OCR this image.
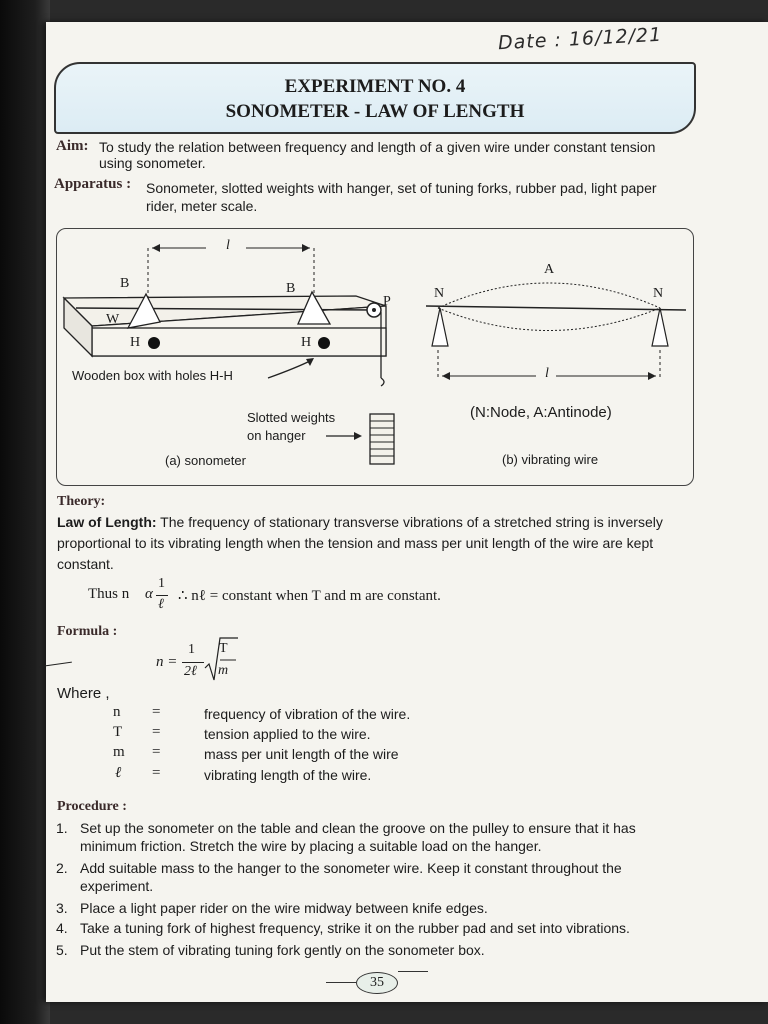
Date : 16/12/21
EXPERIMENT NO. 4
SONOMETER - LAW OF LENGTH
Aim: To study the relation between frequency and length of a given wire under constant tension
using sonometer.
Apparatus : Sonometer, slotted weights with hanger, set of tuning forks, rubber pad, light paper
rider, meter scale.
l
B	B
W
P
H	H
Wooden box with holes H-H
Slotted weights
on hanger
(a) sonometer
A
N	N
l
(N:Node, A:Antinode)
(b) vibrating wire
Theory:
Law of Length: The frequency of stationary transverse vibrations of a stretched string is inversely
proportional to its vibrating length when the tension and mass per unit length of the wire are kept
constant.
Thus n α
1
ℓ
∴ nℓ = constant when T and m are constant.
Formula :
n =
1
2ℓ
T
m
Where ,
n =	frequency of vibration of the wire.
T =	tension applied to the wire.
m =	mass per unit length of the wire
ℓ =	vibrating length of the wire.
Procedure :
1. Set up the sonometer on the table and clean the groove on the pulley to ensure that it has
minimum friction. Stretch the wire by placing a suitable load on the hanger.
2. Add suitable mass to the hanger to the sonometer wire. Keep it constant throughout the
experiment.
3. Place a light paper rider on the wire midway between knife edges.
4. Take a tuning fork of highest frequency, strike it on the rubber pad and set into vibrations.
5. Put the stem of vibrating tuning fork gently on the sonometer box.
35
